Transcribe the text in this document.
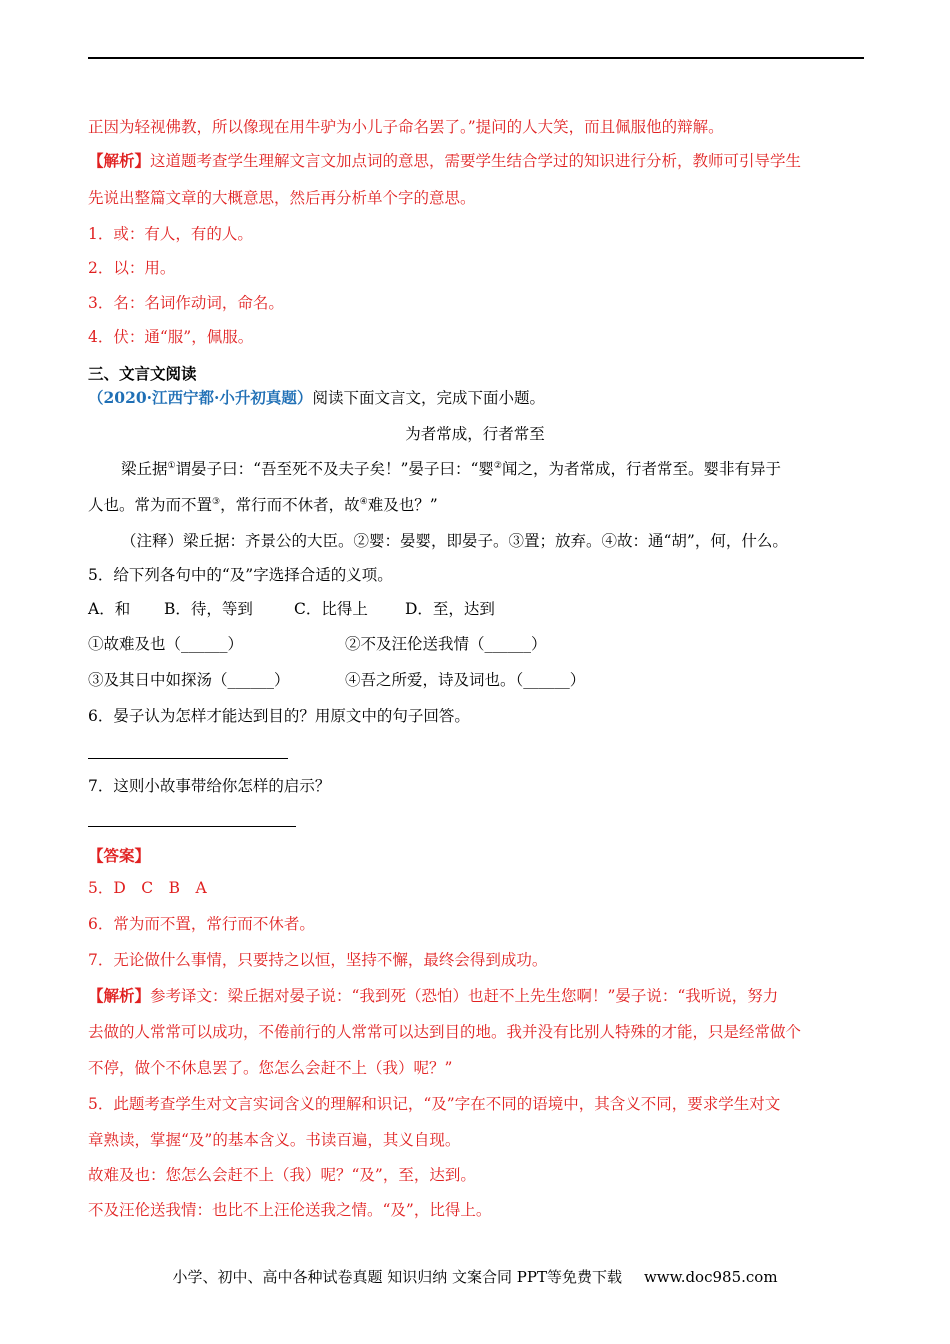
正因为轻视佛教，所以像现在用牛驴为小儿子命名罢了。”提问的人大笑，而且佩服他的辩解。
【解析】这道题考查学生理解文言文加点词的意思，需要学生结合学过的知识进行分析，教师可引导学生
先说出整篇文章的大概意思，然后再分析单个字的意思。
1．或：有人，有的人。
2．以：用。
3．名：名词作动词，命名。
4．伏：通“服”，佩服。
三、文言文阅读
（2020·江西宁都·小升初真题）阅读下面文言文，完成下面小题。
为者常成，行者常至
梁丘据①谓晏子曰：“吾至死不及夫子矣！”晏子曰：“婴②闻之，为者常成，行者常至。婴非有异于
人也。常为而不置③，常行而不休者，故④难及也？”
（注释）梁丘据：齐景公的大臣。②婴：晏婴，即晏子。③置；放弃。④故：通“胡”，何，什么。
5．给下列各句中的“及”字选择合适的义项。
A．和 B．待，等到	C．比得上 D．至，达到
①故难及也（______）	②不及汪伦送我情（______）
③及其日中如探汤（______）	④吾之所爱，诗及词也。（______）
6．晏子认为怎样才能达到目的？用原文中的句子回答。
7．这则小故事带给你怎样的启示？
【答案】
5．D　C　B　A
6．常为而不置，常行而不休者。
7．无论做什么事情，只要持之以恒，坚持不懈，最终会得到成功。
【解析】参考译文：梁丘据对晏子说：“我到死（恐怕）也赶不上先生您啊！”晏子说：“我听说，努力
去做的人常常可以成功，不倦前行的人常常可以达到目的地。我并没有比别人特殊的才能，只是经常做个
不停，做个不休息罢了。您怎么会赶不上（我）呢？”
5．此题考查学生对文言实词含义的理解和识记，“及”字在不同的语境中，其含义不同，要求学生对文
章熟读，掌握“及”的基本含义。书读百遍，其义自现。
故难及也：您怎么会赶不上（我）呢？“及”，至，达到。
不及汪伦送我情：也比不上汪伦送我之情。“及”，比得上。
小学、初中、高中各种试卷真题 知识归纳 文案合同 PPT等免费下载 www.doc985.com
